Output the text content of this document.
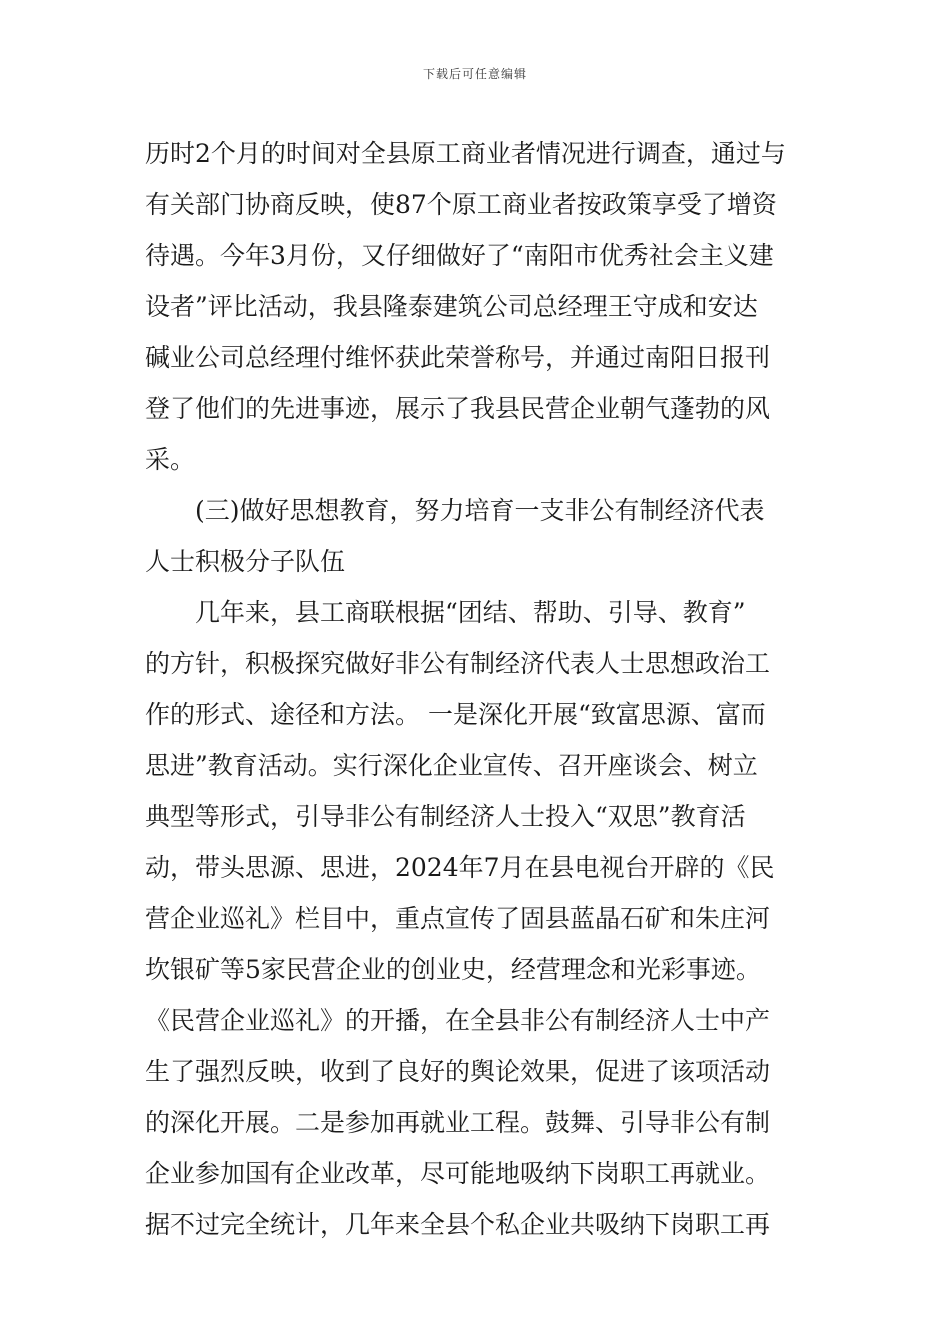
下载后可任意编辑
历时2个月的时间对全县原工商业者情况进行调查，通过与
有关部门协商反映，使87个原工商业者按政策享受了增资
待遇。今年3月份，又仔细做好了“南阳市优秀社会主义建
设者”评比活动，我县隆泰建筑公司总经理王守成和安达
碱业公司总经理付维怀获此荣誉称号，并通过南阳日报刊
登了他们的先进事迹，展示了我县民营企业朝气蓬勃的风
采。
(三)做好思想教育，努力培育一支非公有制经济代表
人士积极分子队伍
几年来，县工商联根据“团结、帮助、引导、教育”
的方针，积极探究做好非公有制经济代表人士思想政治工
作的形式、途径和方法。 一是深化开展“致富思源、富而
思进”教育活动。实行深化企业宣传、召开座谈会、树立
典型等形式，引导非公有制经济人士投入“双思”教育活
动，带头思源、思进，2024年7月在县电视台开辟的《民
营企业巡礼》栏目中，重点宣传了固县蓝晶石矿和朱庄河
坎银矿等5家民营企业的创业史，经营理念和光彩事迹。
《民营企业巡礼》的开播，在全县非公有制经济人士中产
生了强烈反映，收到了良好的舆论效果，促进了该项活动
的深化开展。二是参加再就业工程。鼓舞、引导非公有制
企业参加国有企业改革，尽可能地吸纳下岗职工再就业。
据不过完全统计，几年来全县个私企业共吸纳下岗职工再
